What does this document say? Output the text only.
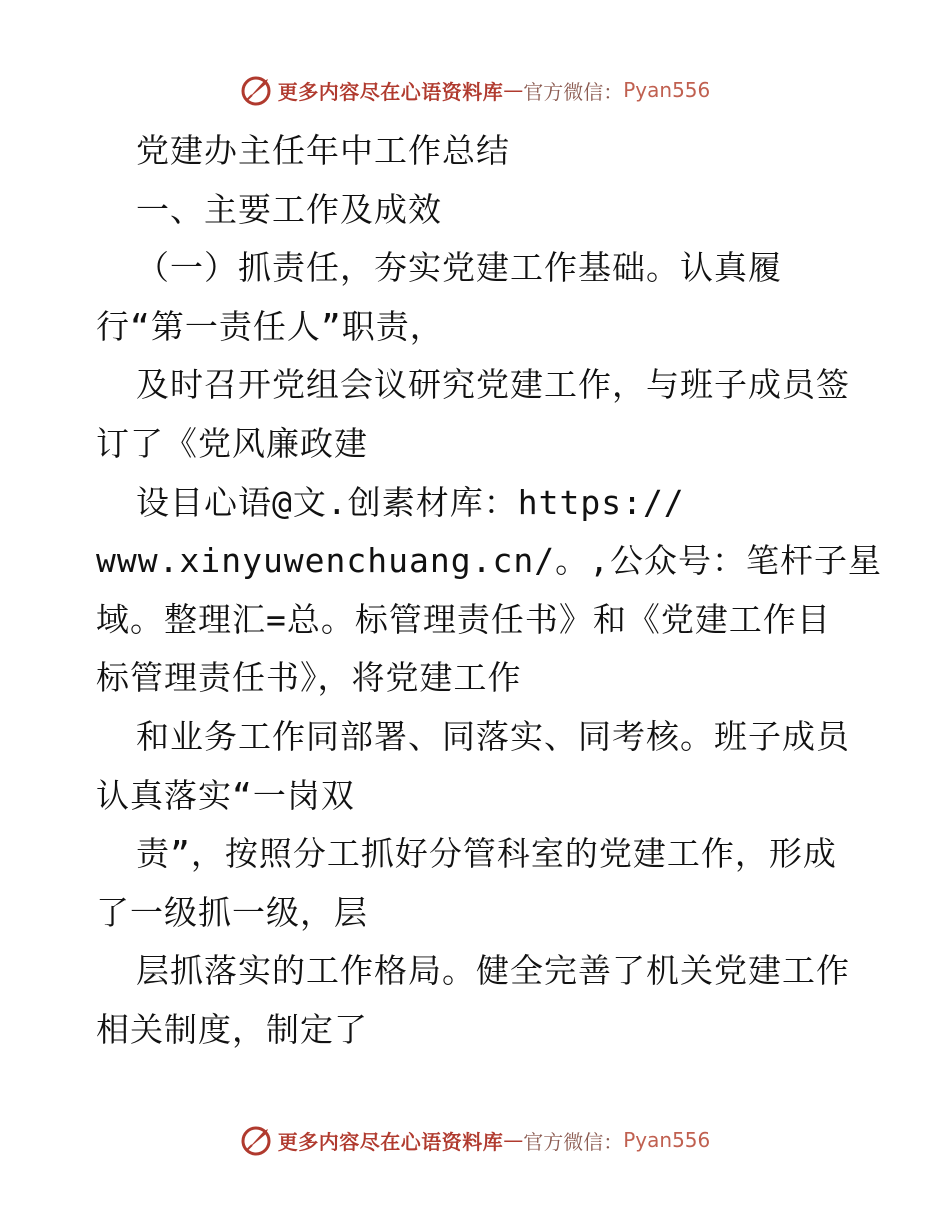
更多内容尽在心语资料库 — 官方微信： Pyan556
党建办主任年中工作总结
一、主要工作及成效
（一）抓责任，夯实党建工作基础。认真履
行“第一责任人”职责，
及时召开党组会议研究党建工作，与班子成员签
订了《党风廉政建
设目心语@文.创素材库：https://
www.xinyuwenchuang.cn/。,公众号：笔杆子星
域。整理汇=总。标管理责任书》和《党建工作目
标管理责任书》，将党建工作
和业务工作同部署、同落实、同考核。班子成员
认真落实“一岗双
责”，按照分工抓好分管科室的党建工作，形成
了一级抓一级，层
层抓落实的工作格局。健全完善了机关党建工作
相关制度，制定了
更多内容尽在心语资料库 — 官方微信： Pyan556
